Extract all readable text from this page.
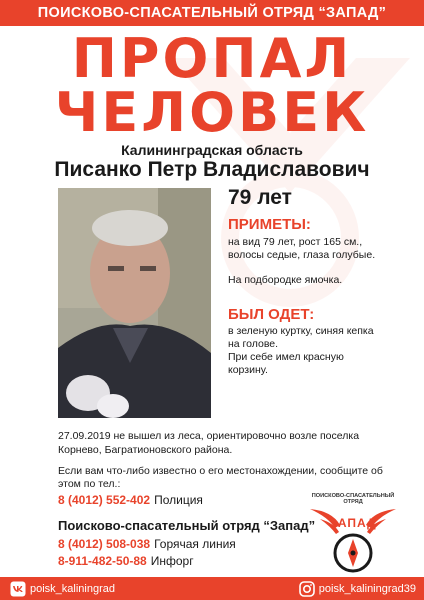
ПОИСКОВО-СПАСАТЕЛЬНЫЙ ОТРЯД “ЗАПАД”
ПРОПАЛ
ЧЕЛОВЕК
Калининградская область
Писанко Петр Владиславович
79 лет
ПРИМЕТЫ:

на вид 79 лет, рост 165 см.,

волосы седые, глаза голубые.

На подбородке ямочка.

БЫЛ ОДЕТ:

в зеленую куртку, синяя кепка

на голове.

При себе имел красную

корзину.

27.09.2019 не вышел из леса, ориентировочно возле поселка

Корнево, Багратионовского района.

Если вам что-либо известно о его местонахождении, сообщите об

этом по тел.:

8 (4012) 552-402 Полиция
Поисково-спасательный отряд “Запад”
8 (4012) 508-038 Горячая линия
8-911-482-50-88 Инфорг
ПОИСКОВО-СПАСАТЕЛЬНЫЙ
ОТРЯД
ЗАПАД
poisk_kaliningrad	poisk_kaliningrad39
